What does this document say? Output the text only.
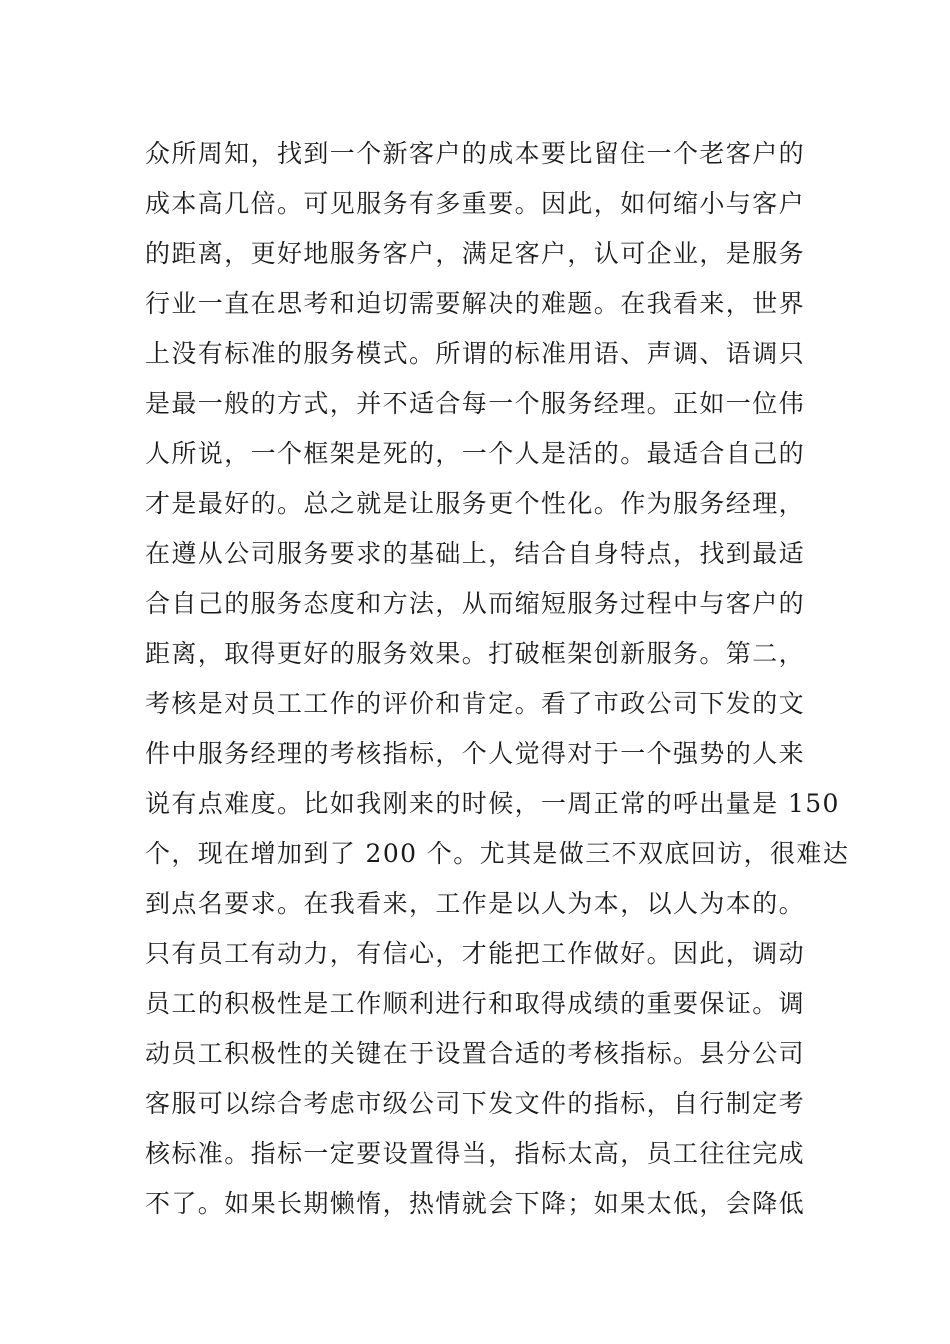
众所周知，找到一个新客户的成本要比留住一个老客户的
成本高几倍。可见服务有多重要。因此，如何缩小与客户
的距离，更好地服务客户，满足客户，认可企业，是服务
行业一直在思考和迫切需要解决的难题。在我看来，世界
上没有标准的服务模式。所谓的标准用语、声调、语调只
是最一般的方式，并不适合每一个服务经理。正如一位伟
人所说，一个框架是死的，一个人是活的。最适合自己的
才是最好的。总之就是让服务更个性化。作为服务经理，
在遵从公司服务要求的基础上，结合自身特点，找到最适
合自己的服务态度和方法，从而缩短服务过程中与客户的
距离，取得更好的服务效果。打破框架创新服务。第二，
考核是对员工工作的评价和肯定。看了市政公司下发的文
件中服务经理的考核指标，个人觉得对于一个强势的人来
说有点难度。比如我刚来的时候，一周正常的呼出量是 150
个，现在增加到了 200 个。尤其是做三不双底回访，很难达
到点名要求。在我看来，工作是以人为本，以人为本的。
只有员工有动力，有信心，才能把工作做好。因此，调动
员工的积极性是工作顺利进行和取得成绩的重要保证。调
动员工积极性的关键在于设置合适的考核指标。县分公司
客服可以综合考虑市级公司下发文件的指标，自行制定考
核标准。指标一定要设置得当，指标太高，员工往往完成
不了。如果长期懒惰，热情就会下降；如果太低，会降低
